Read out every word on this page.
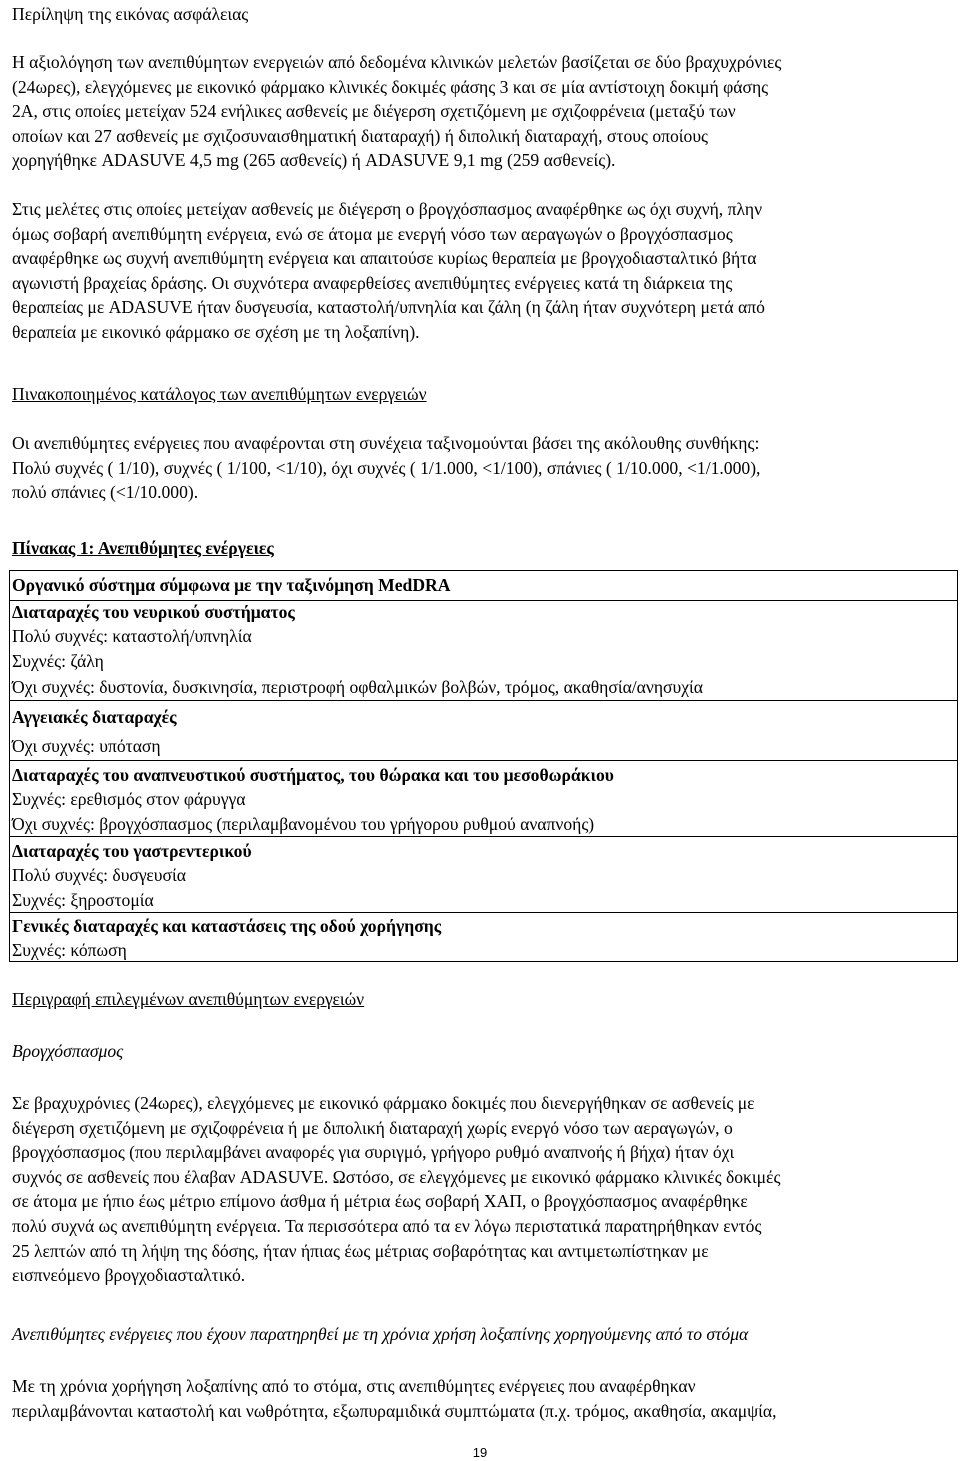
Περίληψη της εικόνας ασφάλειας
Η αξιολόγηση των ανεπιθύμητων ενεργειών από δεδομένα κλινικών μελετών βασίζεται σε δύο βραχυχρόνιες
(24ωρες), ελεγχόμενες με εικονικό φάρμακο κλινικές δοκιμές φάσης 3 και σε μία αντίστοιχη δοκιμή φάσης
2Α, στις οποίες μετείχαν 524 ενήλικες ασθενείς με διέγερση σχετιζόμενη με σχιζοφρένεια (μεταξύ των
οποίων και 27 ασθενείς με σχιζοσυναισθηματική διαταραχή) ή διπολική διαταραχή, στους οποίους
χορηγήθηκε ADASUVE 4,5 mg (265 ασθενείς) ή ADASUVE 9,1 mg (259 ασθενείς).
Στις μελέτες στις οποίες μετείχαν ασθενείς με διέγερση ο βρογχόσπασμος αναφέρθηκε ως όχι συχνή, πλην
όμως σοβαρή ανεπιθύμητη ενέργεια, ενώ σε άτομα με ενεργή νόσο των αεραγωγών ο βρογχόσπασμος
αναφέρθηκε ως συχνή ανεπιθύμητη ενέργεια και απαιτούσε κυρίως θεραπεία με βρογχοδιασταλτικό βήτα
αγωνιστή βραχείας δράσης. Οι συχνότερα αναφερθείσες ανεπιθύμητες ενέργειες κατά τη διάρκεια της
θεραπείας με ADASUVE ήταν δυσγευσία, καταστολή/υπνηλία και ζάλη (η ζάλη ήταν συχνότερη μετά από
θεραπεία με εικονικό φάρμακο σε σχέση με τη λοξαπίνη).
Πινακοποιημένος κατάλογος των ανεπιθύμητων ενεργειών
Οι ανεπιθύμητες ενέργειες που αναφέρονται στη συνέχεια ταξινομούνται βάσει της ακόλουθης συνθήκης:
Πολύ συχνές ( 1/10), συχνές ( 1/100, <1/10), όχι συχνές ( 1/1.000, <1/100), σπάνιες ( 1/10.000, <1/1.000),
πολύ σπάνιες (<1/10.000).
Πίνακας 1: Ανεπιθύμητες ενέργειες
Οργανικό σύστημα σύμφωνα με την ταξινόμηση MedDRA
Διαταραχές του νευρικού συστήματος
Πολύ συχνές: καταστολή/υπνηλία
Συχνές: ζάλη
Όχι συχνές: δυστονία, δυσκινησία, περιστροφή οφθαλμικών βολβών, τρόμος, ακαθησία/ανησυχία
Αγγειακές διαταραχές
Όχι συχνές: υπόταση
Διαταραχές του αναπνευστικού συστήματος, του θώρακα και του μεσοθωράκιου
Συχνές: ερεθισμός στον φάρυγγα
Όχι συχνές: βρογχόσπασμος (περιλαμβανομένου του γρήγορου ρυθμού αναπνοής)
Διαταραχές του γαστρεντερικού
Πολύ συχνές: δυσγευσία
Συχνές: ξηροστομία
Γενικές διαταραχές και καταστάσεις της οδού χορήγησης
Συχνές: κόπωση
Περιγραφή επιλεγμένων ανεπιθύμητων ενεργειών
Βρογχόσπασμος
Σε βραχυχρόνιες (24ωρες), ελεγχόμενες με εικονικό φάρμακο δοκιμές που διενεργήθηκαν σε ασθενείς με
διέγερση σχετιζόμενη με σχιζοφρένεια ή με διπολική διαταραχή χωρίς ενεργό νόσο των αεραγωγών, ο
βρογχόσπασμος (που περιλαμβάνει αναφορές για συριγμό, γρήγορο ρυθμό αναπνοής ή βήχα) ήταν όχι
συχνός σε ασθενείς που έλαβαν ADASUVE. Ωστόσο, σε ελεγχόμενες με εικονικό φάρμακο κλινικές δοκιμές
σε άτομα με ήπιο έως μέτριο επίμονο άσθμα ή μέτρια έως σοβαρή ΧΑΠ, ο βρογχόσπασμος αναφέρθηκε
πολύ συχνά ως ανεπιθύμητη ενέργεια. Τα περισσότερα από τα εν λόγω περιστατικά παρατηρήθηκαν εντός
25 λεπτών από τη λήψη της δόσης, ήταν ήπιας έως μέτριας σοβαρότητας και αντιμετωπίστηκαν με
εισπνεόμενο βρογχοδιασταλτικό.
Ανεπιθύμητες ενέργειες που έχουν παρατηρηθεί με τη χρόνια χρήση λοξαπίνης χορηγούμενης από το στόμα
Με τη χρόνια χορήγηση λοξαπίνης από το στόμα, στις ανεπιθύμητες ενέργειες που αναφέρθηκαν
περιλαμβάνονται καταστολή και νωθρότητα, εξωπυραμιδικά συμπτώματα (π.χ. τρόμος, ακαθησία, ακαμψία,
19
